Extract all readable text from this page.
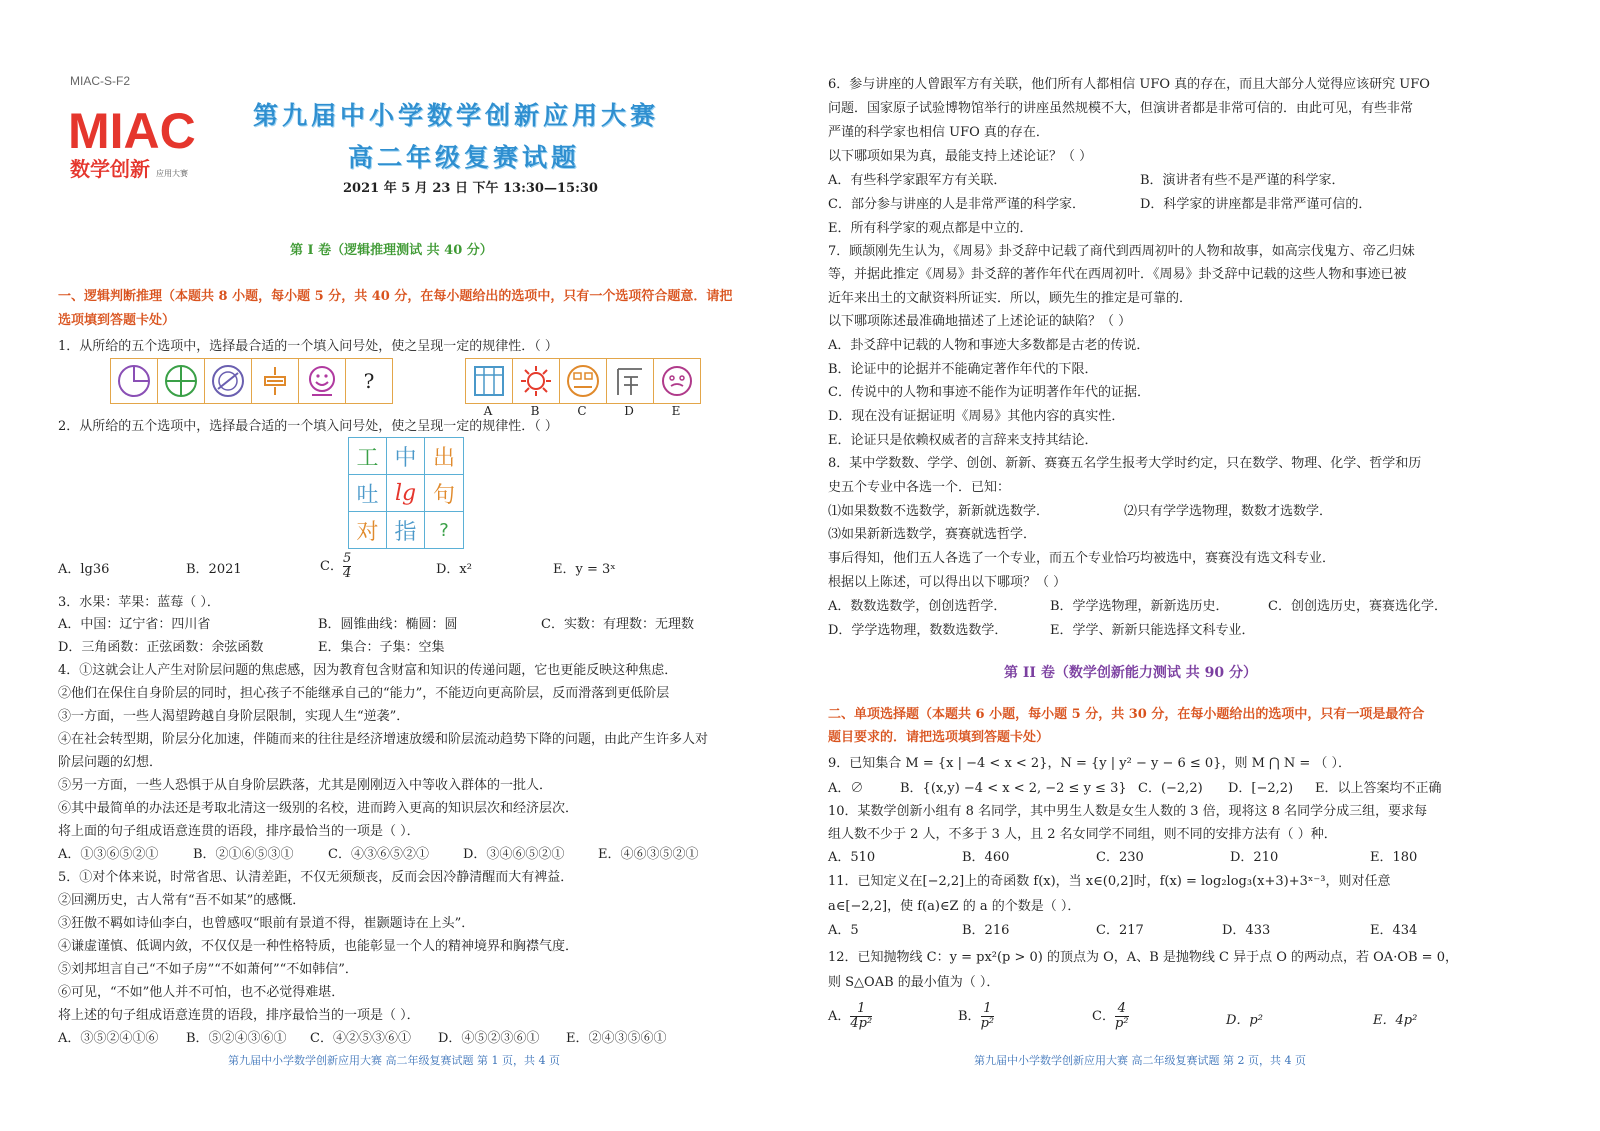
MIAC-S-F2
MIAC
数学创新 应用大赛
第九届中小学数学创新应用大赛
高二年级复赛试题
2021 年 5 月 23 日 下午 13:30—15:30
第 I 卷（逻辑推理测试 共 40 分）
一、逻辑判断推理（本题共 8 小题，每小题 5 分，共 40 分，在每小题给出的选项中，只有一个选项符合题意．请把
选项填到答题卡处）
1．从所给的五个选项中，选择最合适的一个填入问号处，使之呈现一定的规律性．（ ）
?
A	B	C	D	E
2．从所给的五个选项中，选择最合适的一个填入问号处，使之呈现一定的规律性．（ ）
工 中 出
吐 lg 句
对 指	?
A．lg36	B．2021	C． $\frac{5}{4}$	D．x²	E．y = 3ˣ
3．水果：苹果：蓝莓（ ）．
A．中国：辽宁省：四川省	B．圆锥曲线：椭圆：圆	C．实数：有理数：无理数
D．三角函数：正弦函数：余弦函数	E．集合：子集：空集
4．①这就会让人产生对阶层问题的焦虑感，因为教育包含财富和知识的传递问题，它也更能反映这种焦虑．
②他们在保住自身阶层的同时，担心孩子不能继承自己的“能力”，不能迈向更高阶层，反而滑落到更低阶层
③一方面，一些人渴望跨越自身阶层限制，实现人生“逆袭”．
④在社会转型期，阶层分化加速，伴随而来的往往是经济增速放缓和阶层流动趋势下降的问题，由此产生许多人对
阶层问题的幻想．
⑤另一方面，一些人恐惧于从自身阶层跌落，尤其是刚刚迈入中等收入群体的一批人．
⑥其中最简单的办法还是考取北清这一级别的名校，进而跨入更高的知识层次和经济层次．
将上面的句子组成语意连贯的语段，排序最恰当的一项是（ ）．
A．①③⑥⑤②①	B．②①⑥⑤③①	C．④③⑥⑤②①	D．③④⑥⑤②①	E．④⑥③⑤②①
5．①对个体来说，时常省思、认清差距，不仅无须颓丧，反而会因冷静清醒而大有裨益．
②回溯历史，古人常有“吾不如某”的感慨．
③狂傲不羁如诗仙李白，也曾感叹“眼前有景道不得，崔颢题诗在上头”．
④谦虚谨慎、低调内敛，不仅仅是一种性格特质，也能彰显一个人的精神境界和胸襟气度．
⑤刘邦坦言自己“不如子房”“不如萧何”“不如韩信”．
⑥可见，“不如”他人并不可怕，也不必觉得难堪．
将上述的句子组成语意连贯的语段，排序最恰当的一项是（ ）．
A．③⑤②④①⑥ B．⑤②④③⑥① C．④②⑤③⑥① D．④⑤②③⑥① E．②④③⑤⑥①
第九届中小学数学创新应用大赛 高二年级复赛试题 第 1 页，共 4 页
6．参与讲座的人曾跟军方有关联，他们所有人都相信 UFO 真的存在，而且大部分人觉得应该研究 UFO
问题．国家原子试验博物馆举行的讲座虽然规模不大，但演讲者都是非常可信的．由此可见，有些非常
严谨的科学家也相信 UFO 真的存在．
以下哪项如果为真，最能支持上述论证？（ ）
A．有些科学家跟军方有关联．	B．演讲者有些不是严谨的科学家．
C．部分参与讲座的人是非常严谨的科学家．	D．科学家的讲座都是非常严谨可信的．
E．所有科学家的观点都是中立的．
7．顾颉刚先生认为，《周易》卦爻辞中记载了商代到西周初叶的人物和故事，如高宗伐鬼方、帝乙归妹
等，并据此推定《周易》卦爻辞的著作年代在西周初叶．《周易》卦爻辞中记载的这些人物和事迹已被
近年来出土的文献资料所证实．所以，顾先生的推定是可靠的．
以下哪项陈述最准确地描述了上述论证的缺陷？（ ）
A．卦爻辞中记载的人物和事迹大多数都是古老的传说．
B．论证中的论据并不能确定著作年代的下限．
C．传说中的人物和事迹不能作为证明著作年代的证据．
D．现在没有证据证明《周易》其他内容的真实性．
E．论证只是依赖权威者的言辞来支持其结论．
8．某中学数数、学学、创创、新新、赛赛五名学生报考大学时约定，只在数学、物理、化学、哲学和历
史五个专业中各选一个．已知：
⑴如果数数不选数学，新新就选数学．	⑵只有学学选物理，数数才选数学．
⑶如果新新选数学，赛赛就选哲学．
事后得知，他们五人各选了一个专业，而五个专业恰巧均被选中，赛赛没有选文科专业．
根据以上陈述，可以得出以下哪项？（ ）
A．数数选数学，创创选哲学．	B．学学选物理，新新选历史．	C．创创选历史，赛赛选化学．
D．学学选物理，数数选数学．	E．学学、新新只能选择文科专业．
第 II 卷（数学创新能力测试 共 90 分）
二、单项选择题（本题共 6 小题，每小题 5 分，共 30 分，在每小题给出的选项中，只有一项是最符合
题目要求的．请把选项填到答题卡处）
9．已知集合 M = {x | −4 < x < 2}，N = {y | y² − y − 6 ≤ 0}，则 M ⋂ N = （ ）．
A．∅	B．{(x,y) −4 < x < 2, −2 ≤ y ≤ 3} C．(−2,2) D．[−2,2) E．以上答案均不正确
10．某数学创新小组有 8 名同学，其中男生人数是女生人数的 3 倍，现将这 8 名同学分成三组，要求每
组人数不少于 2 人，不多于 3 人，且 2 名女同学不同组，则不同的安排方法有（ ）种．
A．510	B．460	C．230	D．210	E．180
11．已知定义在[−2,2]上的奇函数 f(x)，当 x∈(0,2]时，f(x) = log₂log₃(x+3)+3ˣ⁻³，则对任意
a∈[−2,2]，使 f(a)∈Z 的 a 的个数是（ ）．
A．5	B．216	C．217	D．433	E．434
12．已知抛物线 C：y = px²(p > 0) 的顶点为 O，A、B 是抛物线 C 异于点 O 的两动点，若 OA·OB = 0，
则 S△OAB 的最小值为（ ）．
A． $\frac{1}{\text{4p²}}$	B． $\frac{1}{\text{p²}}$	C． $\frac{4}{\text{p²}}$	D．p²	E．4p²
第九届中小学数学创新应用大赛 高二年级复赛试题 第 2 页，共 4 页
